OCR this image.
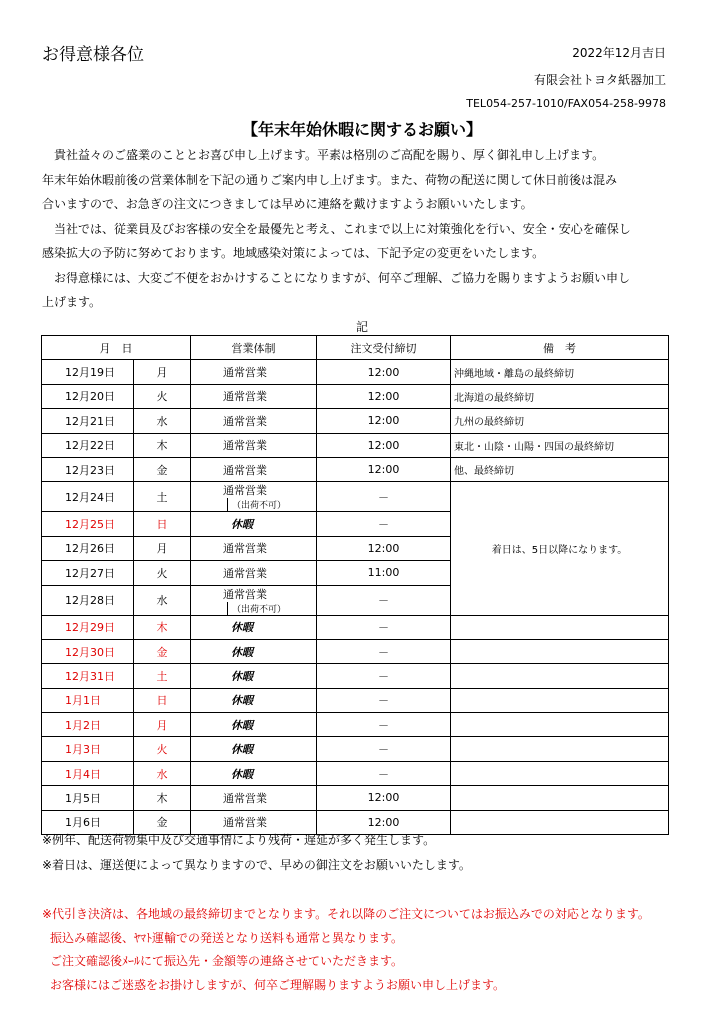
お得意様各位	2022年12月吉日
有限会社トヨタ紙器加工
TEL054-257-1010/FAX054-258-9978
【年末年始休暇に関するお願い】

　貴社益々のご盛業のこととお喜び申し上げます。平素は格別のご高配を賜り、厚く御礼申し上げます。

年末年始休暇前後の営業体制を下記の通りご案内申し上げます。また、荷物の配送に関して休日前後は混み

合いますので、お急ぎの注文につきましては早めに連絡を戴けますようお願いいたします。

　当社では、従業員及びお客様の安全を最優先と考え、これまで以上に対策強化を行い、安全・安心を確保し

感染拡大の予防に努めております。地域感染対策によっては、下記予定の変更をいたします。

　お得意様には、大変ご不便をおかけすることになりますが、何卒ご理解、ご協力を賜りますようお願い申し

上げます。

記
月　日		営業体制	注文受付締切	備　考
12月19日	月	通常営業	12:00	沖縄地域・離島の最終締切
12月20日	火	通常営業	12:00	北海道の最終締切
12月21日	水	通常営業	12:00	九州の最終締切
12月22日	木	通常営業	12:00	東北・山陰・山陽・四国の最終締切
12月23日	金	通常営業	12:00	他、最終締切
12月24日	土	通常営業（出荷不可）	－	着日は、5日以降になります。
12月25日	日	休暇	－	
12月26日	月	通常営業	12:00	
12月27日	火	通常営業	11:00	
12月28日	水	通常営業（出荷不可）	－	
12月29日	木	休暇	－	
12月30日	金	休暇	－	
12月31日	土	休暇	－	
1月1日	日	休暇	－	
1月2日	月	休暇	－	
1月3日	火	休暇	－	
1月4日	水	休暇	－	
1月5日	木	通常営業	12:00	
1月6日	金	通常営業	12:00	

※例年、配送荷物集中及び交通事情により残荷・遅延が多く発生します。

※着日は、運送便によって異なりますので、早めの御注文をお願いいたします。

※代引き決済は、各地域の最終締切までとなります。それ以降のご注文についてはお振込みでの対応となります。

振込み確認後、ﾔﾏﾄ運輸での発送となり送料も通常と異なります。

ご注文確認後ﾒｰﾙにて振込先・金額等の連絡させていただきます。

お客様にはご迷惑をお掛けしますが、何卒ご理解賜りますようお願い申し上げます。
